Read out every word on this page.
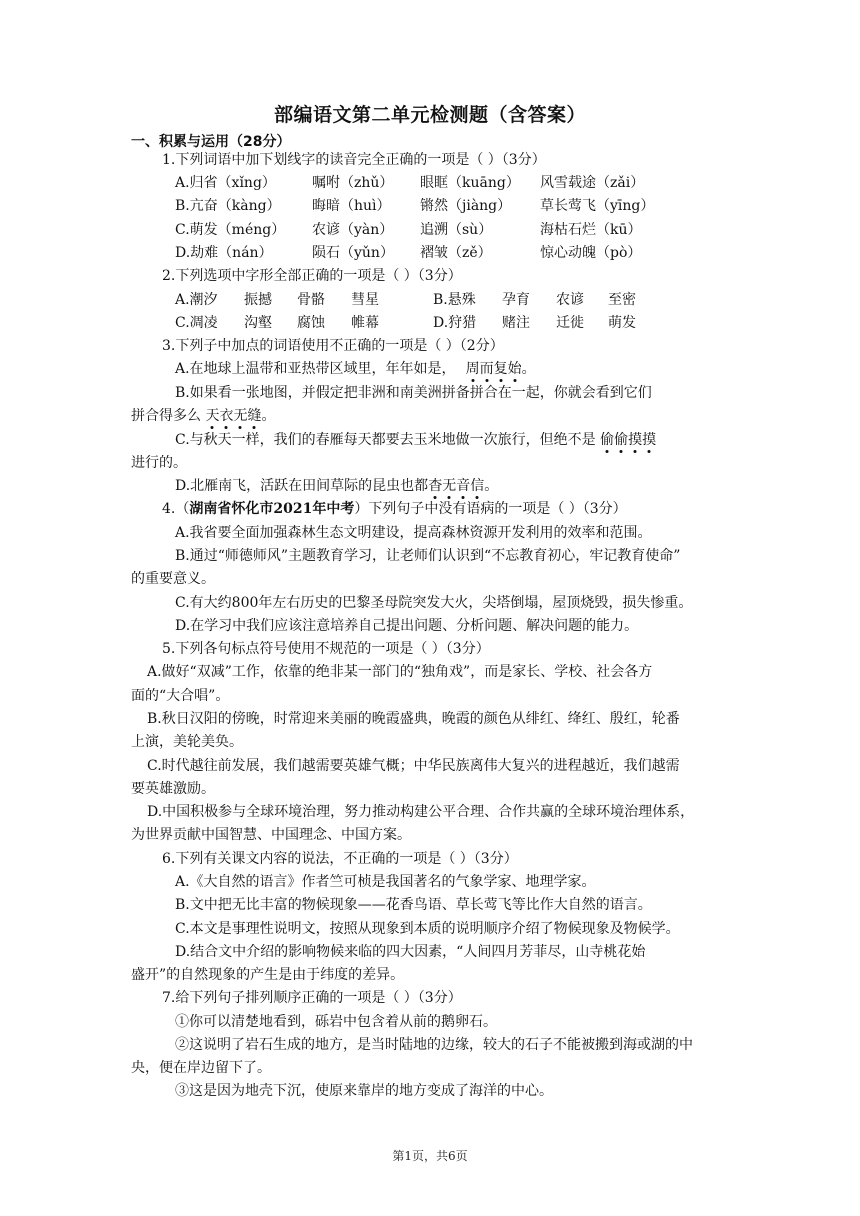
部编语文第二单元检测题（含答案）
一、积累与运用（28分）
1.下列词语中加下划线字的读音完全正确的一项是（ ）（3分）
A.归省（xǐng）	嘱咐（zhǔ） 眼眶（kuāng） 风雪载途（zǎi）
B.亢奋（kàng） 晦暗（huì） 锵然（jiàng） 草长莺飞（yīng）
C.萌发（méng） 农谚（yàn） 追溯（sù）	海枯石烂（kū）
D.劫难（nán）	陨石（yǔn） 褶皱（zě）	惊心动魄（pò）
2.下列选项中字形全部正确的一项是（ ）（3分）
A.潮汐 振撼 骨骼 彗星	B.悬殊 孕育 农谚 至密
C.凋凌 沟壑 腐蚀 帷幕	D.狩猎 赌注 迁徙 萌发
3.下列子中加点的词语使用不正确的一项是（ ）（2分）
A.在地球上温带和亚热带区域里，年年如是， 周而复始。
B.如果看一张地图，并假定把非洲和南美洲拼备拼合在一起，你就会看到它们
拼合得多么 天衣无缝。
C.与秋天一样，我们的春雁每天都要去玉米地做一次旅行，但绝不是 偷偷摸摸
进行的。
D.北雁南飞，活跃在田间草际的昆虫也都杳无音信。
4.（湖南省怀化市2021年中考）下列句子中没有语病的一项是（ ）（3分）
A.我省要全面加强森林生态文明建设，提高森林资源开发利用的效率和范围。
B.通过“师德师风”主题教育学习，让老师们认识到“不忘教育初心，牢记教育使命”
的重要意义。
C.有大约800年左右历史的巴黎圣母院突发大火，尖塔倒塌，屋顶烧毁，损失惨重。
D.在学习中我们应该注意培养自己提出问题、分析问题、解决问题的能力。
5.下列各句标点符号使用不规范的一项是（ ）（3分）
A.做好“双减”工作，依靠的绝非某一部门的“独角戏”，而是家长、学校、社会各方
面的“大合唱”。
B.秋日汉阳的傍晚，时常迎来美丽的晚霞盛典，晚霞的颜色从绯红、绛红、殷红，轮番
上演，美轮美奂。
C.时代越往前发展，我们越需要英雄气概；中华民族离伟大复兴的进程越近，我们越需
要英雄激励。
D.中国积极参与全球环境治理，努力推动构建公平合理、合作共赢的全球环境治理体系，
为世界贡献中国智慧、中国理念、中国方案。
6.下列有关课文内容的说法，不正确的一项是（ ）（3分）
A.《大自然的语言》作者竺可桢是我国著名的气象学家、地理学家。
B.文中把无比丰富的物候现象——花香鸟语、草长莺飞等比作大自然的语言。
C.本文是事理性说明文，按照从现象到本质的说明顺序介绍了物候现象及物候学。
D.结合文中介绍的影响物候来临的四大因素，“人间四月芳菲尽，山寺桃花始
盛开”的自然现象的产生是由于纬度的差异。
7.给下列句子排列顺序正确的一项是（ ）（3分）
①你可以清楚地看到，砾岩中包含着从前的鹅卵石。
②这说明了岩石生成的地方，是当时陆地的边缘，较大的石子不能被搬到海或湖的中
央，便在岸边留下了。
③这是因为地壳下沉，使原来靠岸的地方变成了海洋的中心。
第1页，共6页
